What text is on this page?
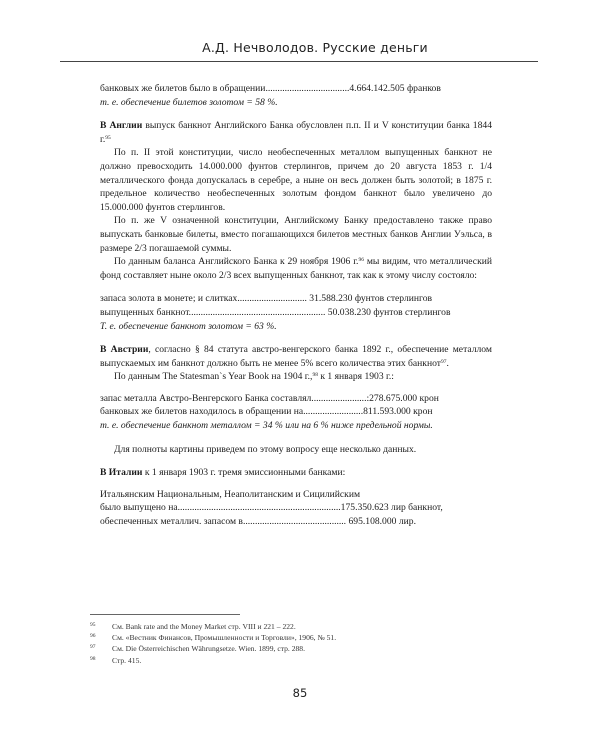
А.Д. Нечволодов. Русские деньги
банковых же билетов было в обращении...................................4.664.142.505 франков
т. е. обеспечение билетов золотом = 58 %.
В Англии выпуск банкнот Английского Банка обусловлен п.п. II и V конституции банка 1844 г.$^{95}$
По п. II этой конституции, число необеспеченных металлом выпущенных банкнот не должно превосходить 14.000.000 фунтов стерлингов, причем до 20 августа 1853 г. 1/4 металлического фонда допускалась в серебре, а ныне он весь должен быть золотой; в 1875 г. предельное количество необеспеченных золотым фондом банкнот было увеличено до 15.000.000 фунтов стерлингов.
По п. же V означенной конституции, Английскому Банку предоставлено также право выпускать банковые билеты, вместо погашающихся билетов местных банков Англии Уэльса, в размере 2/3 погашаемой суммы.
По данным баланса Английского Банка к 29 ноября 1906 г.$^{96}$ мы видим, что металлический фонд составляет ныне около 2/3 всех выпущенных банкнот, так как к этому числу состояло:
запаса золота в монете; и слитках............................. 31.588.230 фунтов стерлингов
выпущенных банкнот......................................................... 50.038.230 фунтов стерлингов
Т. е. обеспечение банкнот золотом = 63 %.
В Австрии, согласно § 84 статута австро-венгерского банка 1892 г., обеспечение металлом выпускаемых им банкнот должно быть не менее 5% всего количества этих банкнот$^{97}$.
По данным The Statesman`s Year Book на 1904 г.,$^{98}$ к 1 января 1903 г.:
запас металла Австро-Венгерского Банка составлял.......................:278.675.000 крон
банковых же билетов находилось в обращении на.........................811.593.000 крон
т. е. обеспечение банкнот металлом = 34 % или на 6 % ниже предельной нормы.
Для полноты картины приведем по этому вопросу еще несколько данных.
В Италии к 1 января 1903 г. тремя эмиссионными банками:
Итальянским Национальным, Неаполитанским и Сицилийским
было выпущено на....................................................................175.350.623 лир банкнот,
обеспеченных металлич. запасом в........................................... 695.108.000 лир.
95	См. Bank rate and the Money Market стр. VIII и 221 – 222.
96	См. «Вестник Финансов, Промышленности и Торговли», 1906, № 51.
97	См. Die Österreichischen Währungsetze. Wien. 1899, стр. 288.
98	Стр. 415.
85
